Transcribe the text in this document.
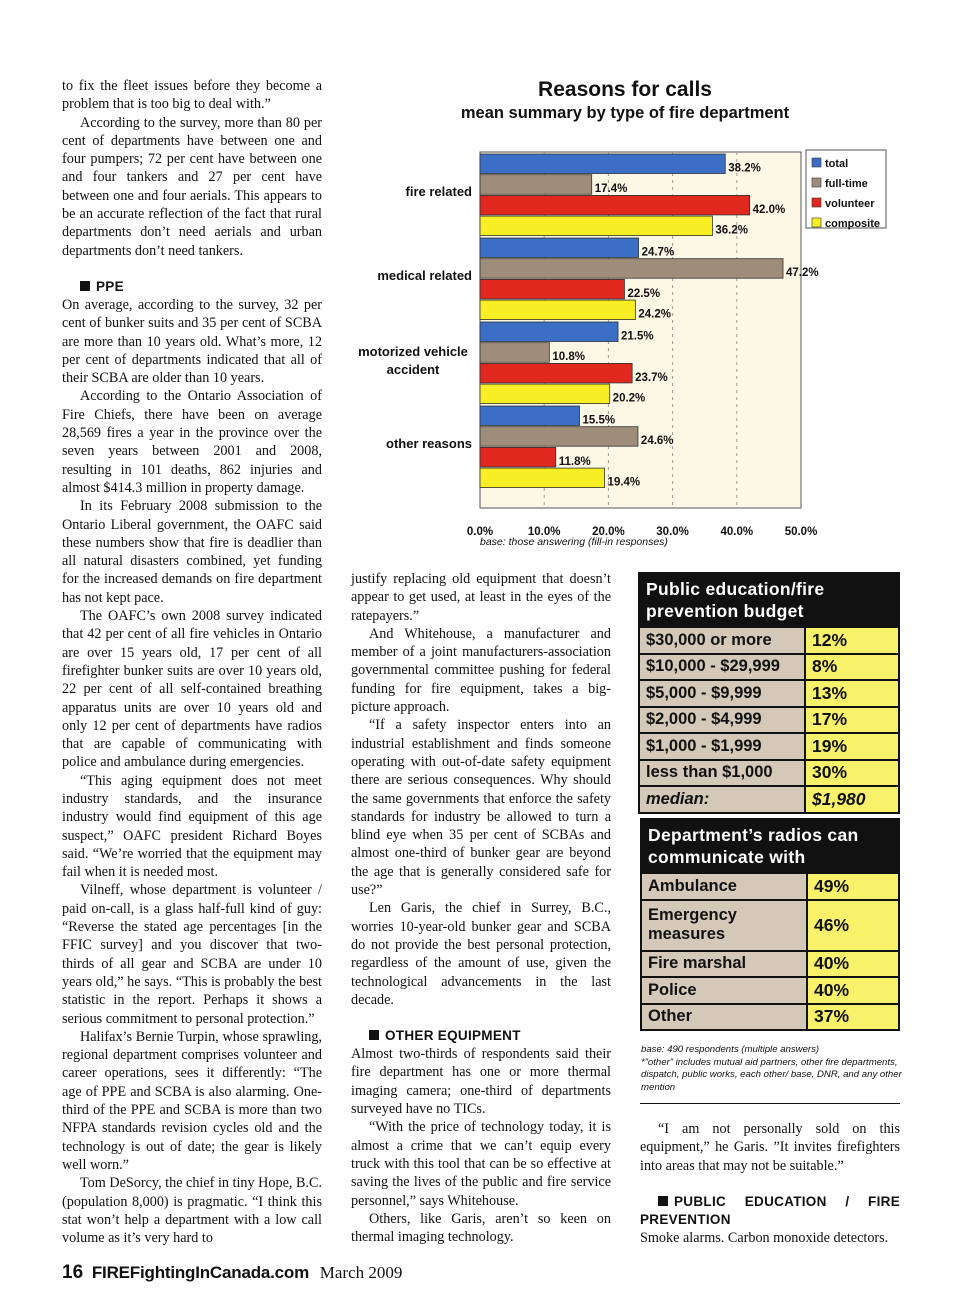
to fix the fleet issues before they become a problem that is too big to deal with.”

According to the survey, more than 80 per cent of departments have between one and four pumpers; 72 per cent have between one and four tankers and 27 per cent have between one and four aerials. This appears to be an accurate reflection of the fact that rural departments don’t need aerials and urban departments don’t need tankers.

PPE

On average, according to the survey, 32 per cent of bunker suits and 35 per cent of SCBA are more than 10 years old. What’s more, 12 per cent of departments indicated that all of their SCBA are older than 10 years.

According to the Ontario Association of Fire Chiefs, there have been on average 28,569 fires a year in the province over the seven years between 2001 and 2008, resulting in 101 deaths, 862 injuries and almost $414.3 million in property damage.

In its February 2008 submission to the Ontario Liberal government, the OAFC said these numbers show that fire is deadlier than all natural disasters combined, yet funding for the increased demands on fire department has not kept pace.

The OAFC’s own 2008 survey indicated that 42 per cent of all fire vehicles in Ontario are over 15 years old, 17 per cent of all firefighter bunker suits are over 10 years old, 22 per cent of all self-contained breathing apparatus units are over 10 years old and only 12 per cent of departments have radios that are capable of communicating with police and ambulance during emergencies.

“This aging equipment does not meet industry standards, and the insurance industry would find equipment of this age suspect,” OAFC president Richard Boyes said. “We’re worried that the equipment may fail when it is needed most.

Vilneff, whose department is volunteer / paid on-call, is a glass half-full kind of guy: “Reverse the stated age percentages [in the FFIC survey] and you discover that two-thirds of all gear and SCBA are under 10 years old,” he says. “This is probably the best statistic in the report. Perhaps it shows a serious commitment to personal protection.”

Halifax’s Bernie Turpin, whose sprawling, regional department comprises volunteer and career operations, sees it differently: “The age of PPE and SCBA is also alarming. One-third of the PPE and SCBA is more than two NFPA standards revision cycles old and the technology is out of date; the gear is likely well worn.”

Tom DeSorcy, the chief in tiny Hope, B.C. (population 8,000) is pragmatic. “I think this stat won’t help a department with a low call volume as it’s very hard to

Reasons for calls
mean summary by type of fire department
38.2%
17.4%
42.0%
36.2%
fire related
24.7%
47.2%
22.5%
24.2%
medical related
21.5%
10.8%
23.7%
20.2%
motorized vehicle
accident
15.5%
24.6%
11.8%
19.4%
other reasons
0.0%	10.0%	20.0%	30.0%	40.0%	50.0%
total
full-time
volunteer
composite
base: those answering (fill-in responses)

justify replacing old equipment that doesn’t appear to get used, at least in the eyes of the ratepayers.”

And Whitehouse, a manufacturer and member of a joint manufacturers-association governmental committee pushing for federal funding for fire equipment, takes a big-picture approach.

“If a safety inspector enters into an industrial establishment and finds someone operating with out-of-date safety equipment there are serious consequences. Why should the same governments that enforce the safety standards for industry be allowed to turn a blind eye when 35 per cent of SCBAs and almost one-third of bunker gear are beyond the age that is generally considered safe for use?”

Len Garis, the chief in Surrey, B.C., worries 10-year-old bunker gear and SCBA do not provide the best personal protection, regardless of the amount of use, given the technological advancements in the last decade.

OTHER EQUIPMENT

Almost two-thirds of respondents said their fire department has one or more thermal imaging camera; one-third of departments surveyed have no TICs.

“With the price of technology today, it is almost a crime that we can’t equip every truck with this tool that can be so effective at saving the lives of the public and fire service personnel,” says Whitehouse.

Others, like Garis, aren’t so keen on thermal imaging technology.

Public education/fire prevention budget
$30,000 or more	12%
$10,000 - $29,999	8%
$5,000 - $9,999	13%
$2,000 - $4,999	17%
$1,000 - $1,999	19%
less than $1,000	30%
median:	$1,980
Department’s radios can communicate with
Ambulance	49%
Emergency measures	46%
Fire marshal	40%
Police	40%
Other	37%
base: 490 respondents (multiple answers)
*”other” includes mutual aid partners, other fire departments, dispatch, public works, each other/ base, DNR, and any other mention

“I am not personally sold on this equipment,” he Garis. ”It invites firefighters into areas that may not be suitable.”

PUBLIC EDUCATION / FIRE PREVENTION

Smoke alarms. Carbon monoxide detectors.

16 FIREFightingInCanada.com March 2009
